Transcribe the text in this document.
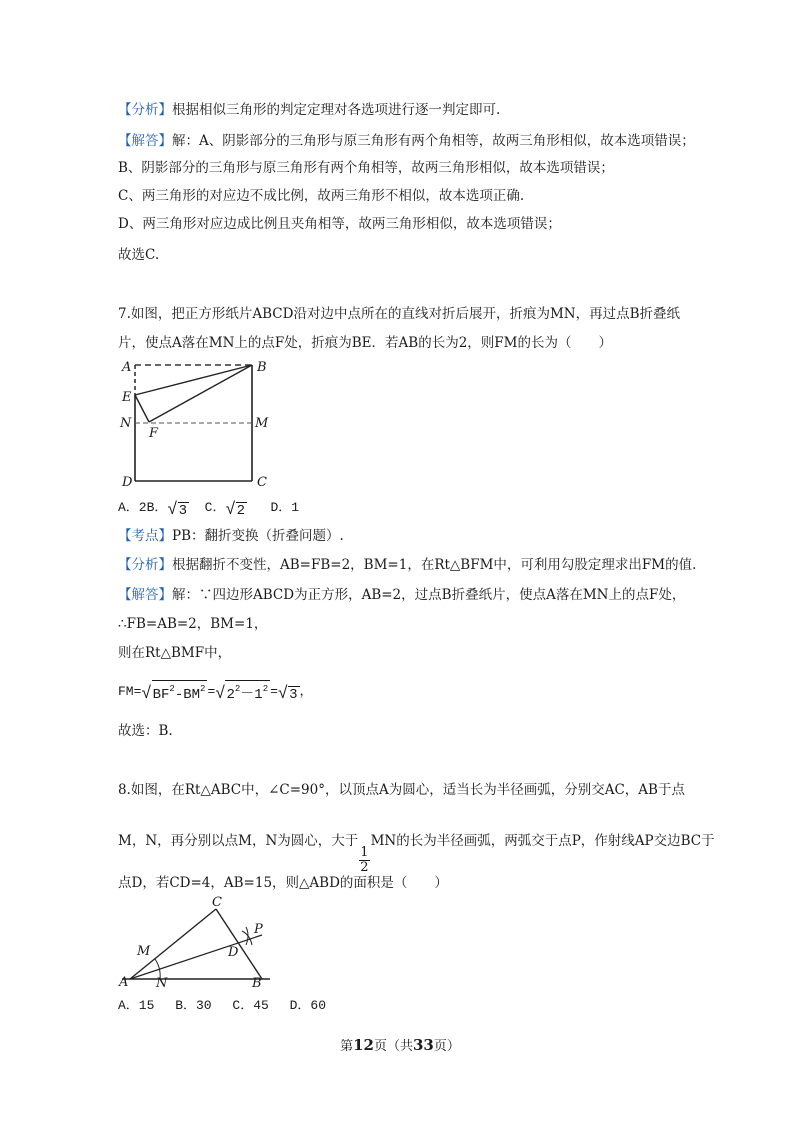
【分析】根据相似三角形的判定定理对各选项进行逐一判定即可.
【解答】解：A、阴影部分的三角形与原三角形有两个角相等，故两三角形相似，故本选项错误；
B、阴影部分的三角形与原三角形有两个角相等，故两三角形相似，故本选项错误；
C、两三角形的对应边不成比例，故两三角形不相似，故本选项正确.
D、两三角形对应边成比例且夹角相等，故两三角形相似，故本选项错误；
故选C.
7.如图，把正方形纸片ABCD沿对边中点所在的直线对折后展开，折痕为MN，再过点B折叠纸
片，使点A落在MN上的点F处，折痕为BE．若AB的长为2，则FM的长为（　　）
A	B
E
N
F
M
D	C
A．2B． √ 3 C． √ 2 D．1
【考点】PB：翻折变换（折叠问题）.
【分析】根据翻折不变性，AB=FB=2，BM=1，在Rt△BFM中，可利用勾股定理求出FM的值.
【解答】解：∵四边形ABCD为正方形，AB=2，过点B折叠纸片，使点A落在MN上的点F处，
∴FB=AB=2，BM=1，
则在Rt△BMF中，
FM= √ $BF^2-BM^2$ = √ $2^2-1^2$ = √ 3 ，
故选：B.
8.如图，在Rt△ABC中，∠C=90°，以顶点A为圆心，适当长为半径画弧，分别交AC，AB于点
M，N，再分别以点M，N为圆心，大于
$\frac{1}{2}$
MN的长为半径画弧，两弧交于点P，作射线AP交边BC于
点D，若CD=4，AB=15，则△ABD的面积是（　　）
C
M
P
D
A N	B
A．15　 B．30　 C．45　 D．60
第12页（共33页）
